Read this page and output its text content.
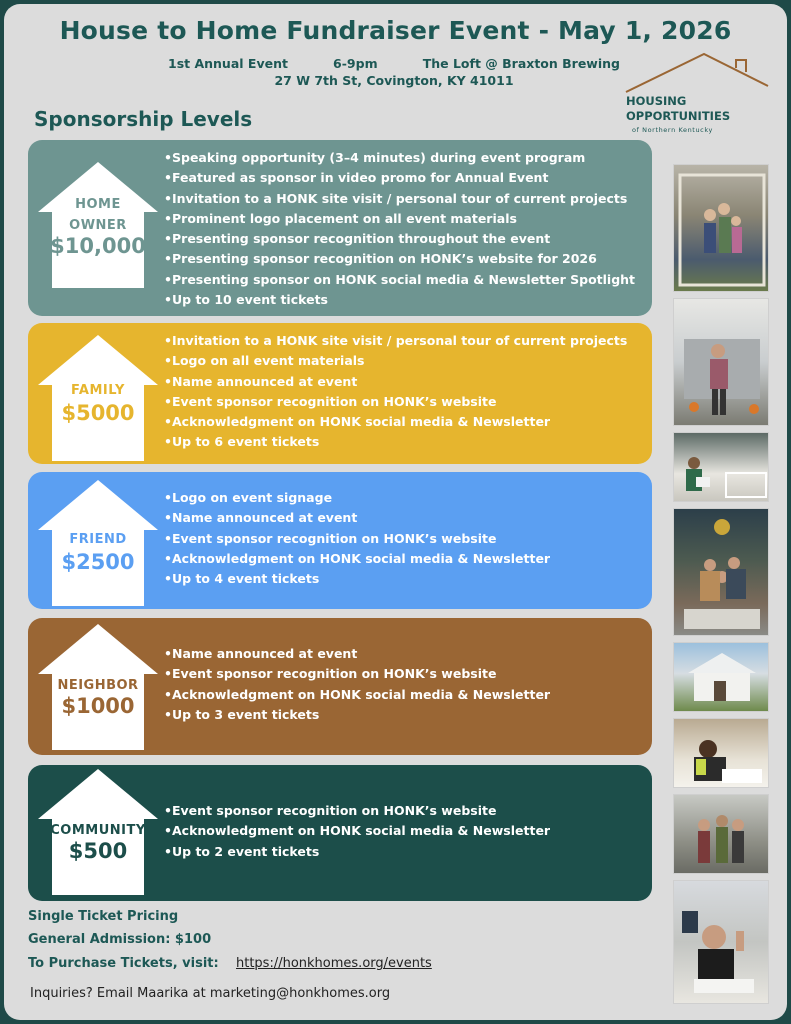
House to Home Fundraiser Event - May 1, 2026
1st Annual Event	6-9pm	The Loft @ Braxton Brewing
27 W 7th St, Covington, KY 41011
HOUSING
OPPORTUNITIES
of Northern Kentucky
Sponsorship Levels
HOME
OWNER
$10,000
• Speaking opportunity (3–4 minutes) during event program
• Featured as sponsor in video promo for Annual Event
• Invitation to a HONK site visit / personal tour of current projects
• Prominent logo placement on all event materials
• Presenting sponsor recognition throughout the event
• Presenting sponsor recognition on HONK’s website for 2026
• Presenting sponsor on HONK social media & Newsletter Spotlight
• Up to 10 event tickets
FAMILY
$5000
• Invitation to a HONK site visit / personal tour of current projects
• Logo on all event materials
• Name announced at event
• Event sponsor recognition on HONK’s website
• Acknowledgment on HONK social media & Newsletter
• Up to 6 event tickets
FRIEND
$2500
• Logo on event signage
• Name announced at event
• Event sponsor recognition on HONK’s website
• Acknowledgment on HONK social media & Newsletter
• Up to 4 event tickets
NEIGHBOR
$1000
• Name announced at event
• Event sponsor recognition on HONK’s website
• Acknowledgment on HONK social media & Newsletter
• Up to 3 event tickets
COMMUNITY
$500
• Event sponsor recognition on HONK’s website
• Acknowledgment on HONK social media & Newsletter
• Up to 2 event tickets
Single Ticket Pricing
General Admission: $100
To Purchase Tickets, visit: https://honkhomes.org/events
Inquiries? Email Maarika at marketing@honkhomes.org
